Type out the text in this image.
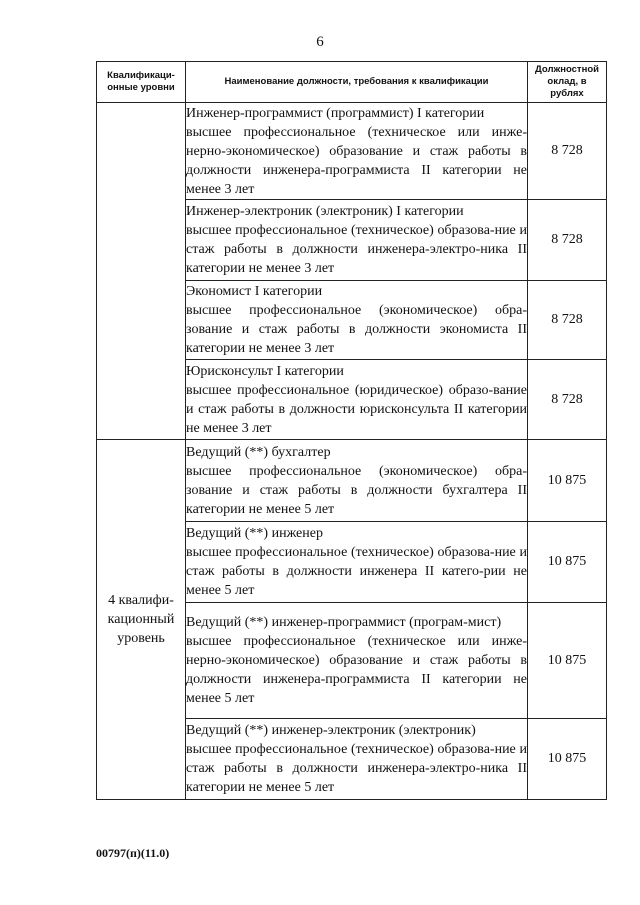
6
Квалификаци-онные уровни	Наименование должности, требования к квалификации	Должностной оклад, в рублях

	Инженер-программист (программист) I категории
высшее профессиональное (техническое или инже-нерно-экономическое) образование и стаж работы в должности инженера-программиста II категории не менее 3 лет	8 728

	Инженер-электроник (электроник) I категории
высшее профессиональное (техническое) образова-ние и стаж работы в должности инженера-электро-ника II категории не менее 3 лет	8 728

	Экономист I категории
высшее профессиональное (экономическое) обра-зование и стаж работы в должности экономиста II категории не менее 3 лет	8 728

	Юрисконсульт I категории
высшее профессиональное (юридическое) образо-вание и стаж работы в должности юрисконсульта II категории не менее 3 лет	8 728

4 квалифи-кационный уровень	Ведущий (**) бухгалтер
высшее профессиональное (экономическое) обра-зование и стаж работы в должности бухгалтера II категории не менее 5 лет	10 875

	Ведущий (**) инженер
высшее профессиональное (техническое) образова-ние и стаж работы в должности инженера II катего-рии не менее 5 лет	10 875

	Ведущий (**) инженер-программист (програм-мист)
высшее профессиональное (техническое или инже-нерно-экономическое) образование и стаж работы в должности инженера-программиста II категории не менее 5 лет	10 875

	Ведущий (**) инженер-электроник (электроник)
высшее профессиональное (техническое) образова-ние и стаж работы в должности инженера-электро-ника II категории не менее 5 лет	10 875
00797(п)(11.0)
